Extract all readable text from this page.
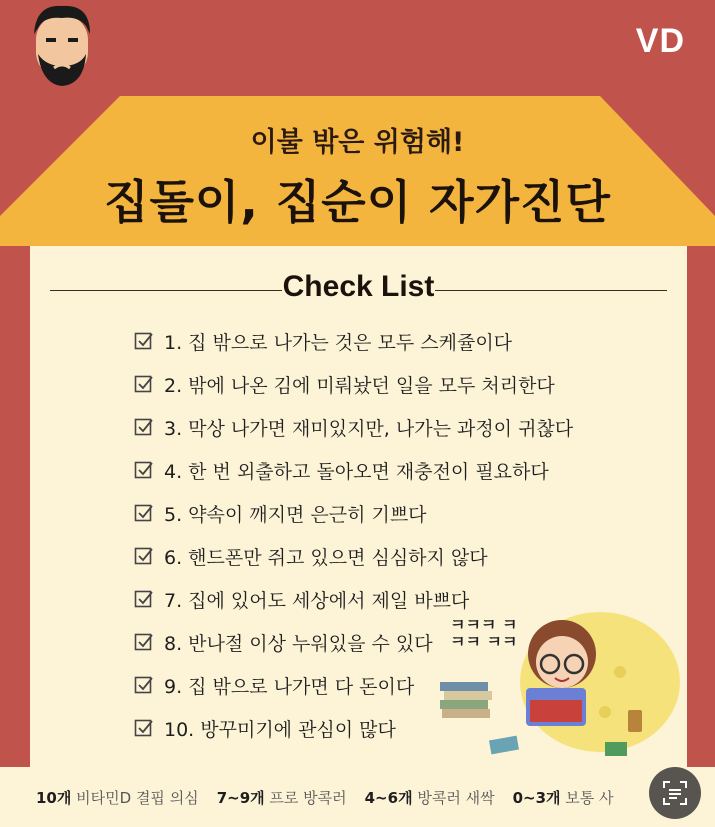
VD
이불 밖은 위험해!
집돌이, 집순이 자가진단
Check List
1. 집 밖으로 나가는 것은 모두 스케쥴이다
2. 밖에 나온 김에 미뤄놨던 일을 모두 처리한다
3. 막상 나가면 재미있지만, 나가는 과정이 귀찮다
4. 한 번 외출하고 돌아오면 재충전이 필요하다
5. 약속이 깨지면 은근히 기쁘다
6. 핸드폰만 쥐고 있으면 심심하지 않다
7. 집에 있어도 세상에서 제일 바쁘다
8. 반나절 이상 누워있을 수 있다
9. 집 밖으로 나가면 다 돈이다
10. 방꾸미기에 관심이 많다
ㅋㅋㅋ ㅋㅋㅋ ㅋㅋ
10개 비타민D 결핍 의심 7~9개 프로 방콕러 4~6개 방콕러 새싹 0~3개 보통 사
